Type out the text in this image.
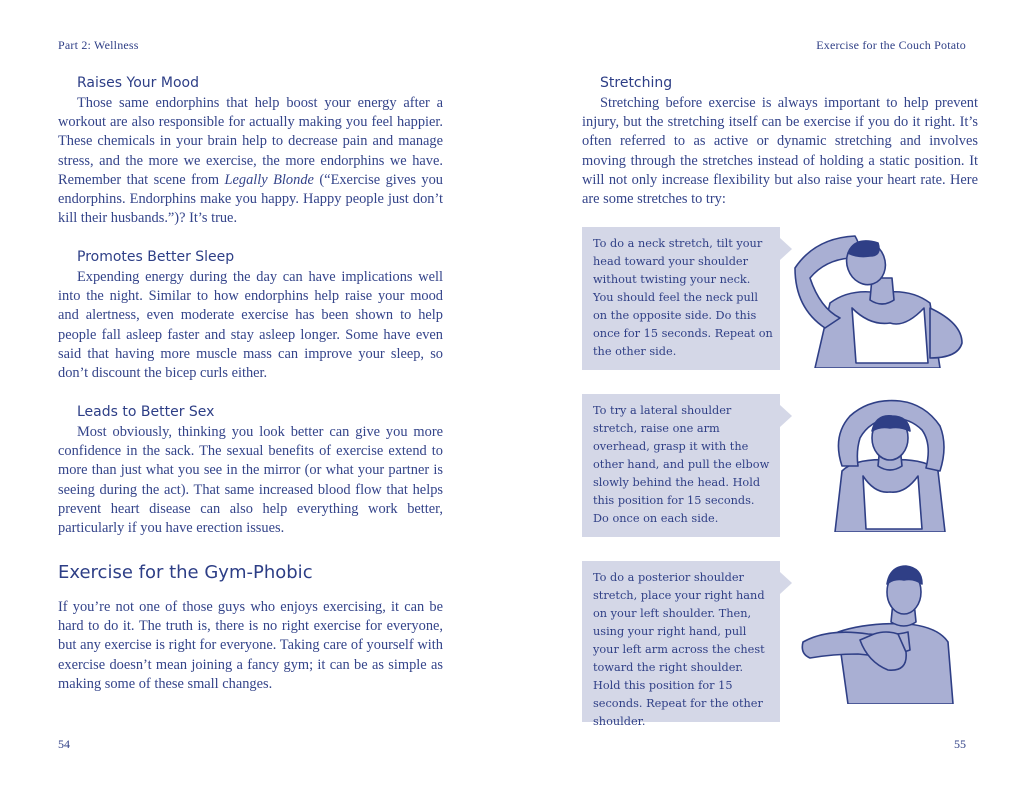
Part 2: Wellness
Raises Your Mood

Those same endorphins that help boost your energy after a workout are also responsible for actually making you feel happier. These chemicals in your brain help to decrease pain and manage stress, and the more we exercise, the more endorphins we have. Remember that scene from Legally Blonde (“Exercise gives you endorphins. Endorphins make you happy. Happy people just don’t kill their husbands.”)? It’s true.

Promotes Better Sleep

Expending energy during the day can have implications well into the night. Similar to how endorphins help raise your mood and alertness, even moderate exercise has been shown to help people fall asleep faster and stay asleep longer. Some have even said that having more muscle mass can improve your sleep, so don’t discount the bicep curls either.

Leads to Better Sex

Most obviously, thinking you look better can give you more confidence in the sack. The sexual benefits of exercise extend to more than just what you see in the mirror (or what your partner is seeing during the act). That same increased blood flow that helps prevent heart disease can also help everything work better, particularly if you have erection issues.

Exercise for the Gym-Phobic

If you’re not one of those guys who enjoys exercising, it can be hard to do it. The truth is, there is no right exercise for everyone, but any exercise is right for everyone. Taking care of yourself with exercise doesn’t mean joining a fancy gym; it can be as simple as making some of these small changes.

54
Exercise for the Couch Potato
Stretching

Stretching before exercise is always important to help prevent injury, but the stretching itself can be exercise if you do it right. It’s often referred to as active or dynamic stretching and involves moving through the stretches instead of holding a static position. It will not only increase flexibility but also raise your heart rate. Here are some stretches to try:

55

To do a neck stretch, tilt your head toward your shoulder without twisting your neck. You should feel the neck pull on the opposite side. Do this once for 15 seconds. Repeat on the other side.

To try a lateral shoulder stretch, raise one arm overhead, grasp it with the other hand, and pull the elbow slowly behind the head. Hold this position for 15 seconds. Do once on each side.

To do a posterior shoulder stretch, place your right hand on your left shoulder. Then, using your right hand, pull your left arm across the chest toward the right shoulder. Hold this position for 15 seconds. Repeat for the other shoulder.
